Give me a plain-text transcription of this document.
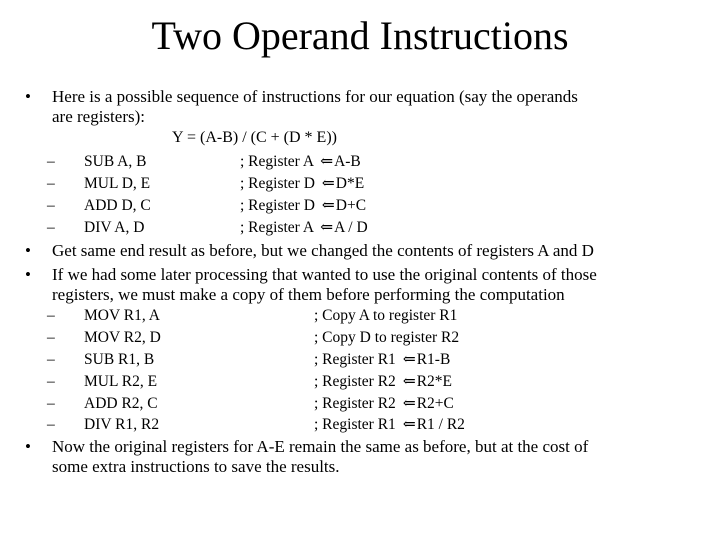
Two Operand Instructions
• Here is a possible sequence of instructions for our equation (say the operands
are registers):
Y = (A-B) / (C + (D * E))
– SUB A, B	; Register A ⇐A-B
– MUL D, E	; Register D ⇐D*E
– ADD D, C	; Register D ⇐D+C
– DIV A, D	; Register A ⇐A / D
• Get same end result as before, but we changed the contents of registers A and D
• If we had some later processing that wanted to use the original contents of those
registers, we must make a copy of them before performing the computation
– MOV R1, A	; Copy A to register R1
– MOV R2, D	; Copy D to register R2
– SUB R1, B	; Register R1 ⇐R1-B
– MUL R2, E	; Register R2 ⇐R2*E
– ADD R2, C	; Register R2 ⇐R2+C
– DIV R1, R2	; Register R1 ⇐R1 / R2
• Now the original registers for A-E remain the same as before, but at the cost of
some extra instructions to save the results.
